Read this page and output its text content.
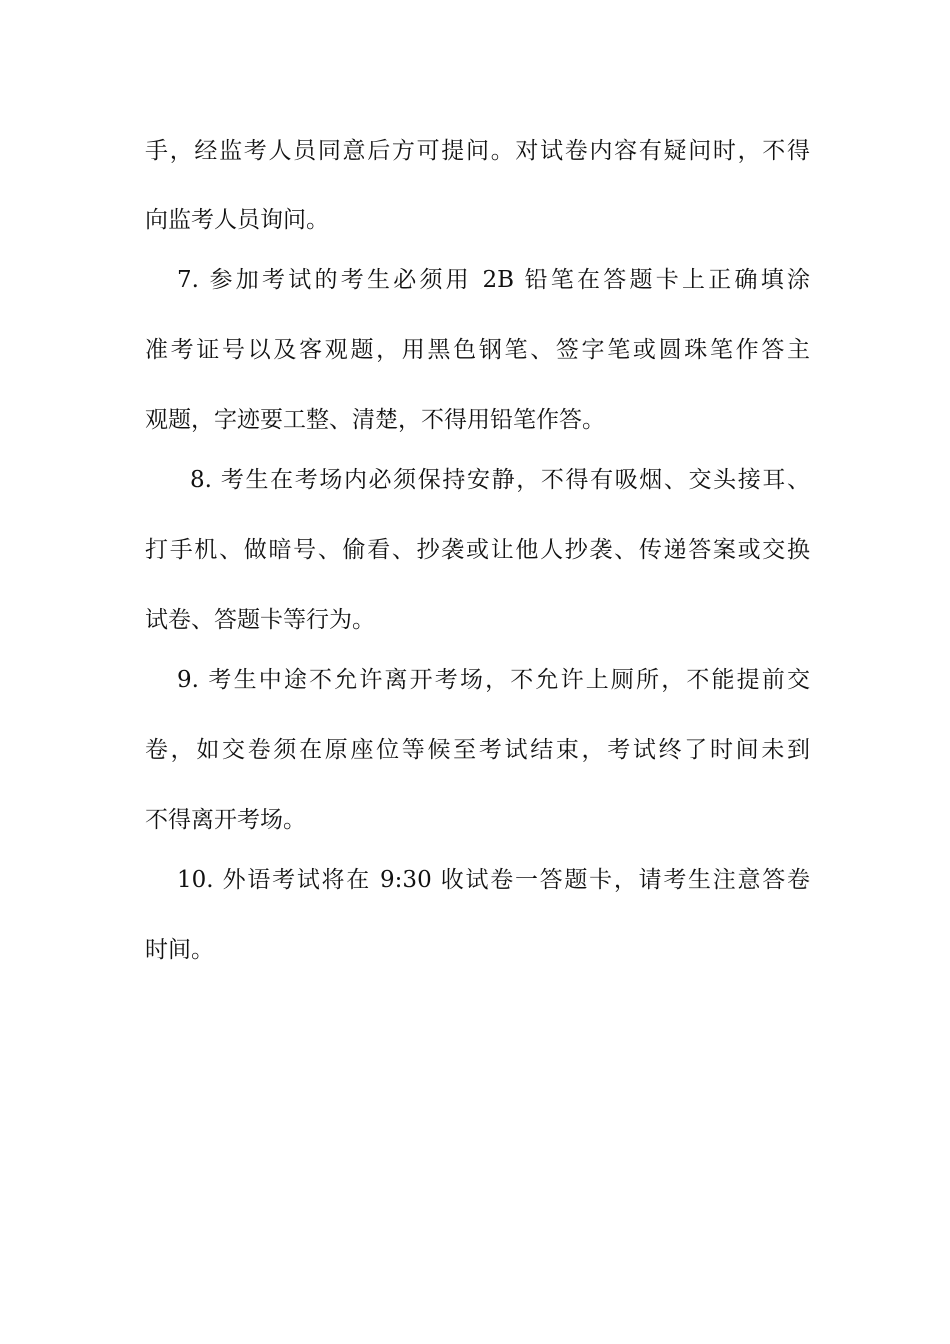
手，经监考人员同意后方可提问。对试卷内容有疑问时，不得
向监考人员询问。
7. 参加考试的考生必须用 2B 铅笔在答题卡上正确填涂
准考证号以及客观题，用黑色钢笔、签字笔或圆珠笔作答主
观题，字迹要工整、清楚，不得用铅笔作答。
8. 考生在考场内必须保持安静，不得有吸烟、交头接耳、
打手机、做暗号、偷看、抄袭或让他人抄袭、传递答案或交换
试卷、答题卡等行为。
9. 考生中途不允许离开考场，不允许上厕所，不能提前交
卷，如交卷须在原座位等候至考试结束，考试终了时间未到
不得离开考场。
10. 外语考试将在 9:30 收试卷一答题卡，请考生注意答卷
时间。
